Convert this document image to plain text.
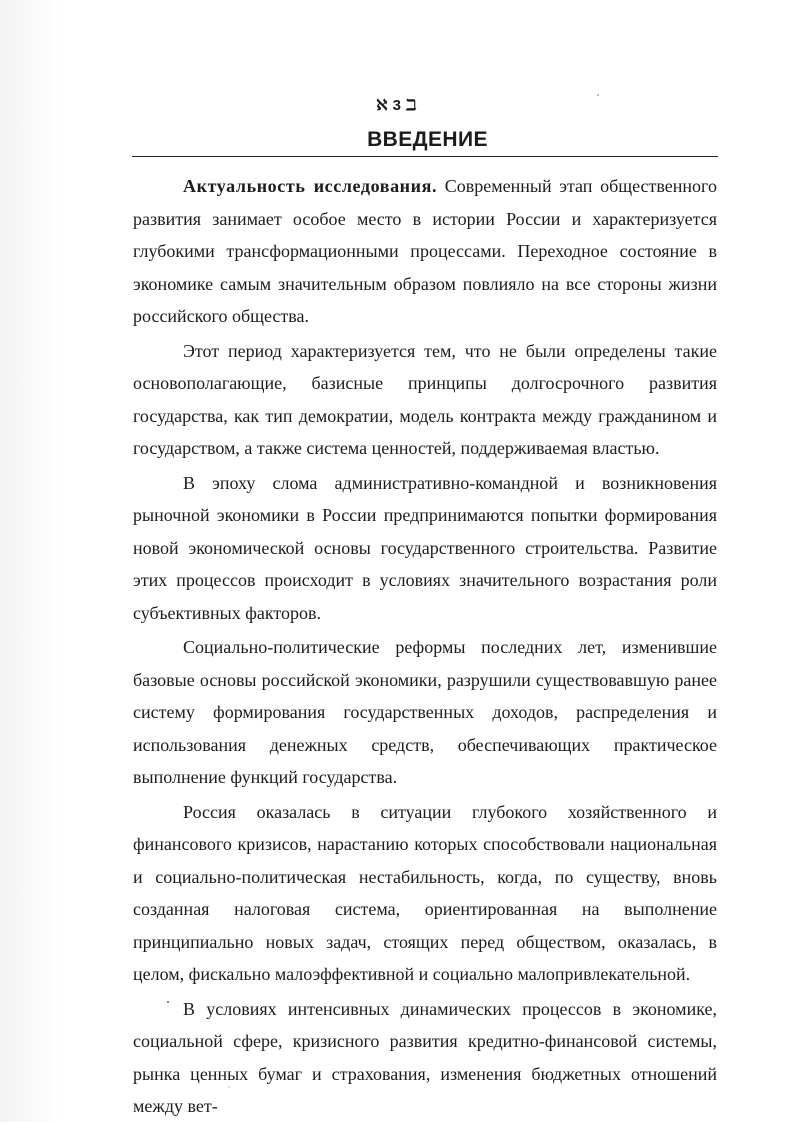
ℵ 3 ℶ
ВВЕДЕНИЕ

Актуальность исследования. Современный этап общественного развития занимает особое место в истории России и характеризуется глубокими трансформационными процессами. Переходное состояние в экономике самым значительным образом повлияло на все стороны жизни российского общества.

Этот период характеризуется тем, что не были определены такие основополагающие, базисные принципы долгосрочного развития государства, как тип демократии, модель контракта между гражданином и государством, а также система ценностей, поддерживаемая властью.

В эпоху слома административно-командной и возникновения рыночной экономики в России предпринимаются попытки формирования новой экономической основы государственного строительства. Развитие этих процессов происходит в условиях значительного возрастания роли субъективных факторов.

Социально-политические реформы последних лет, изменившие базовые основы российской экономики, разрушили существовавшую ранее систему формирования государственных доходов, распределения и использования денежных средств, обеспечивающих практическое выполнение функций государства.

Россия оказалась в ситуации глубокого хозяйственного и финансового кризисов, нарастанию которых способствовали национальная и социально-политическая нестабильность, когда, по существу, вновь созданная налоговая система, ориентированная на выполнение принципиально новых задач, стоящих перед обществом, оказалась, в целом, фискально малоэффективной и социально малопривлекательной.

В условиях интенсивных динамических процессов в экономике, социальной сфере, кризисного развития кредитно-финансовой системы, рынка ценных бумаг и страхования, изменения бюджетных отношений между вет-
